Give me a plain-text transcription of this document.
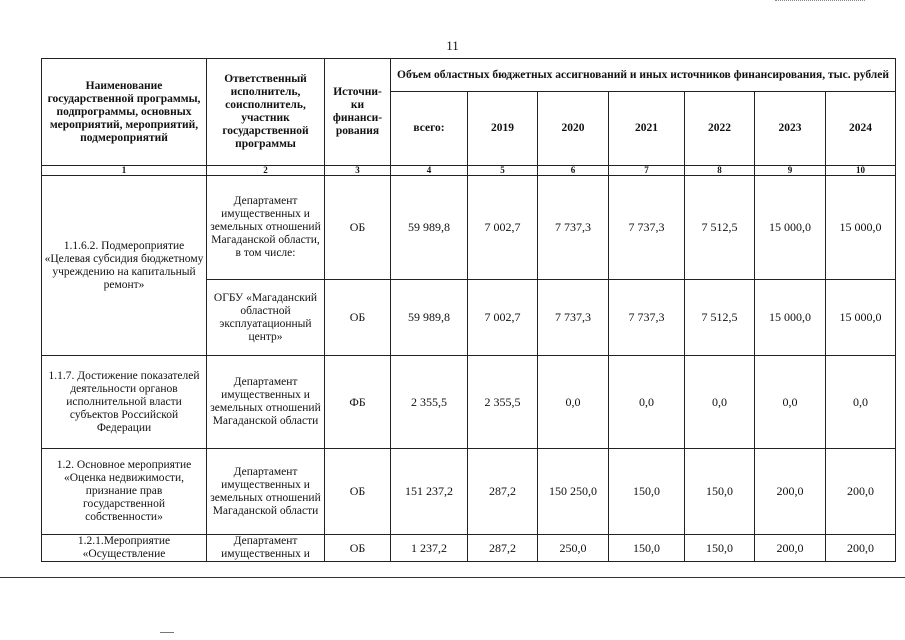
11
Наименование государственной программы, подпрограммы, основных мероприятий, мероприятий, подмероприятий	Ответственный исполнитель, соисполнитель, участник государственной программы	Источни-ки финанси-рования	Объем областных бюджетных ассигнований и иных источников финансирования, тыс. рублей						
			всего:	2019	2020	2021	2022	2023	2024
1	2	3	4	5	6	7	8	9	10
1.1.6.2. Подмероприятие «Целевая субсидия бюджетному учреждению на капитальный ремонт»	Департамент имущественных и земельных отношений Магаданской области, в том числе:	ОБ	59 989,8	7 002,7	7 737,3	7 737,3	7 512,5	15 000,0	15 000,0
	ОГБУ «Магаданский областной эксплуатационный центр»	ОБ	59 989,8	7 002,7	7 737,3	7 737,3	7 512,5	15 000,0	15 000,0
1.1.7. Достижение показателей деятельности органов исполнительной власти субъектов Российской Федерации	Департамент имущественных и земельных отношений Магаданской области	ФБ	2 355,5	2 355,5	0,0	0,0	0,0	0,0	0,0
1.2. Основное мероприятие «Оценка недвижимости, признание прав государственной собственности»	Департамент имущественных и земельных отношений Магаданской области	ОБ	151 237,2	287,2	150 250,0	150,0	150,0	200,0	200,0
1.2.1.Мероприятие «Осуществление	Департамент имущественных и	ОБ	1 237,2	287,2	250,0	150,0	150,0	200,0	200,0
